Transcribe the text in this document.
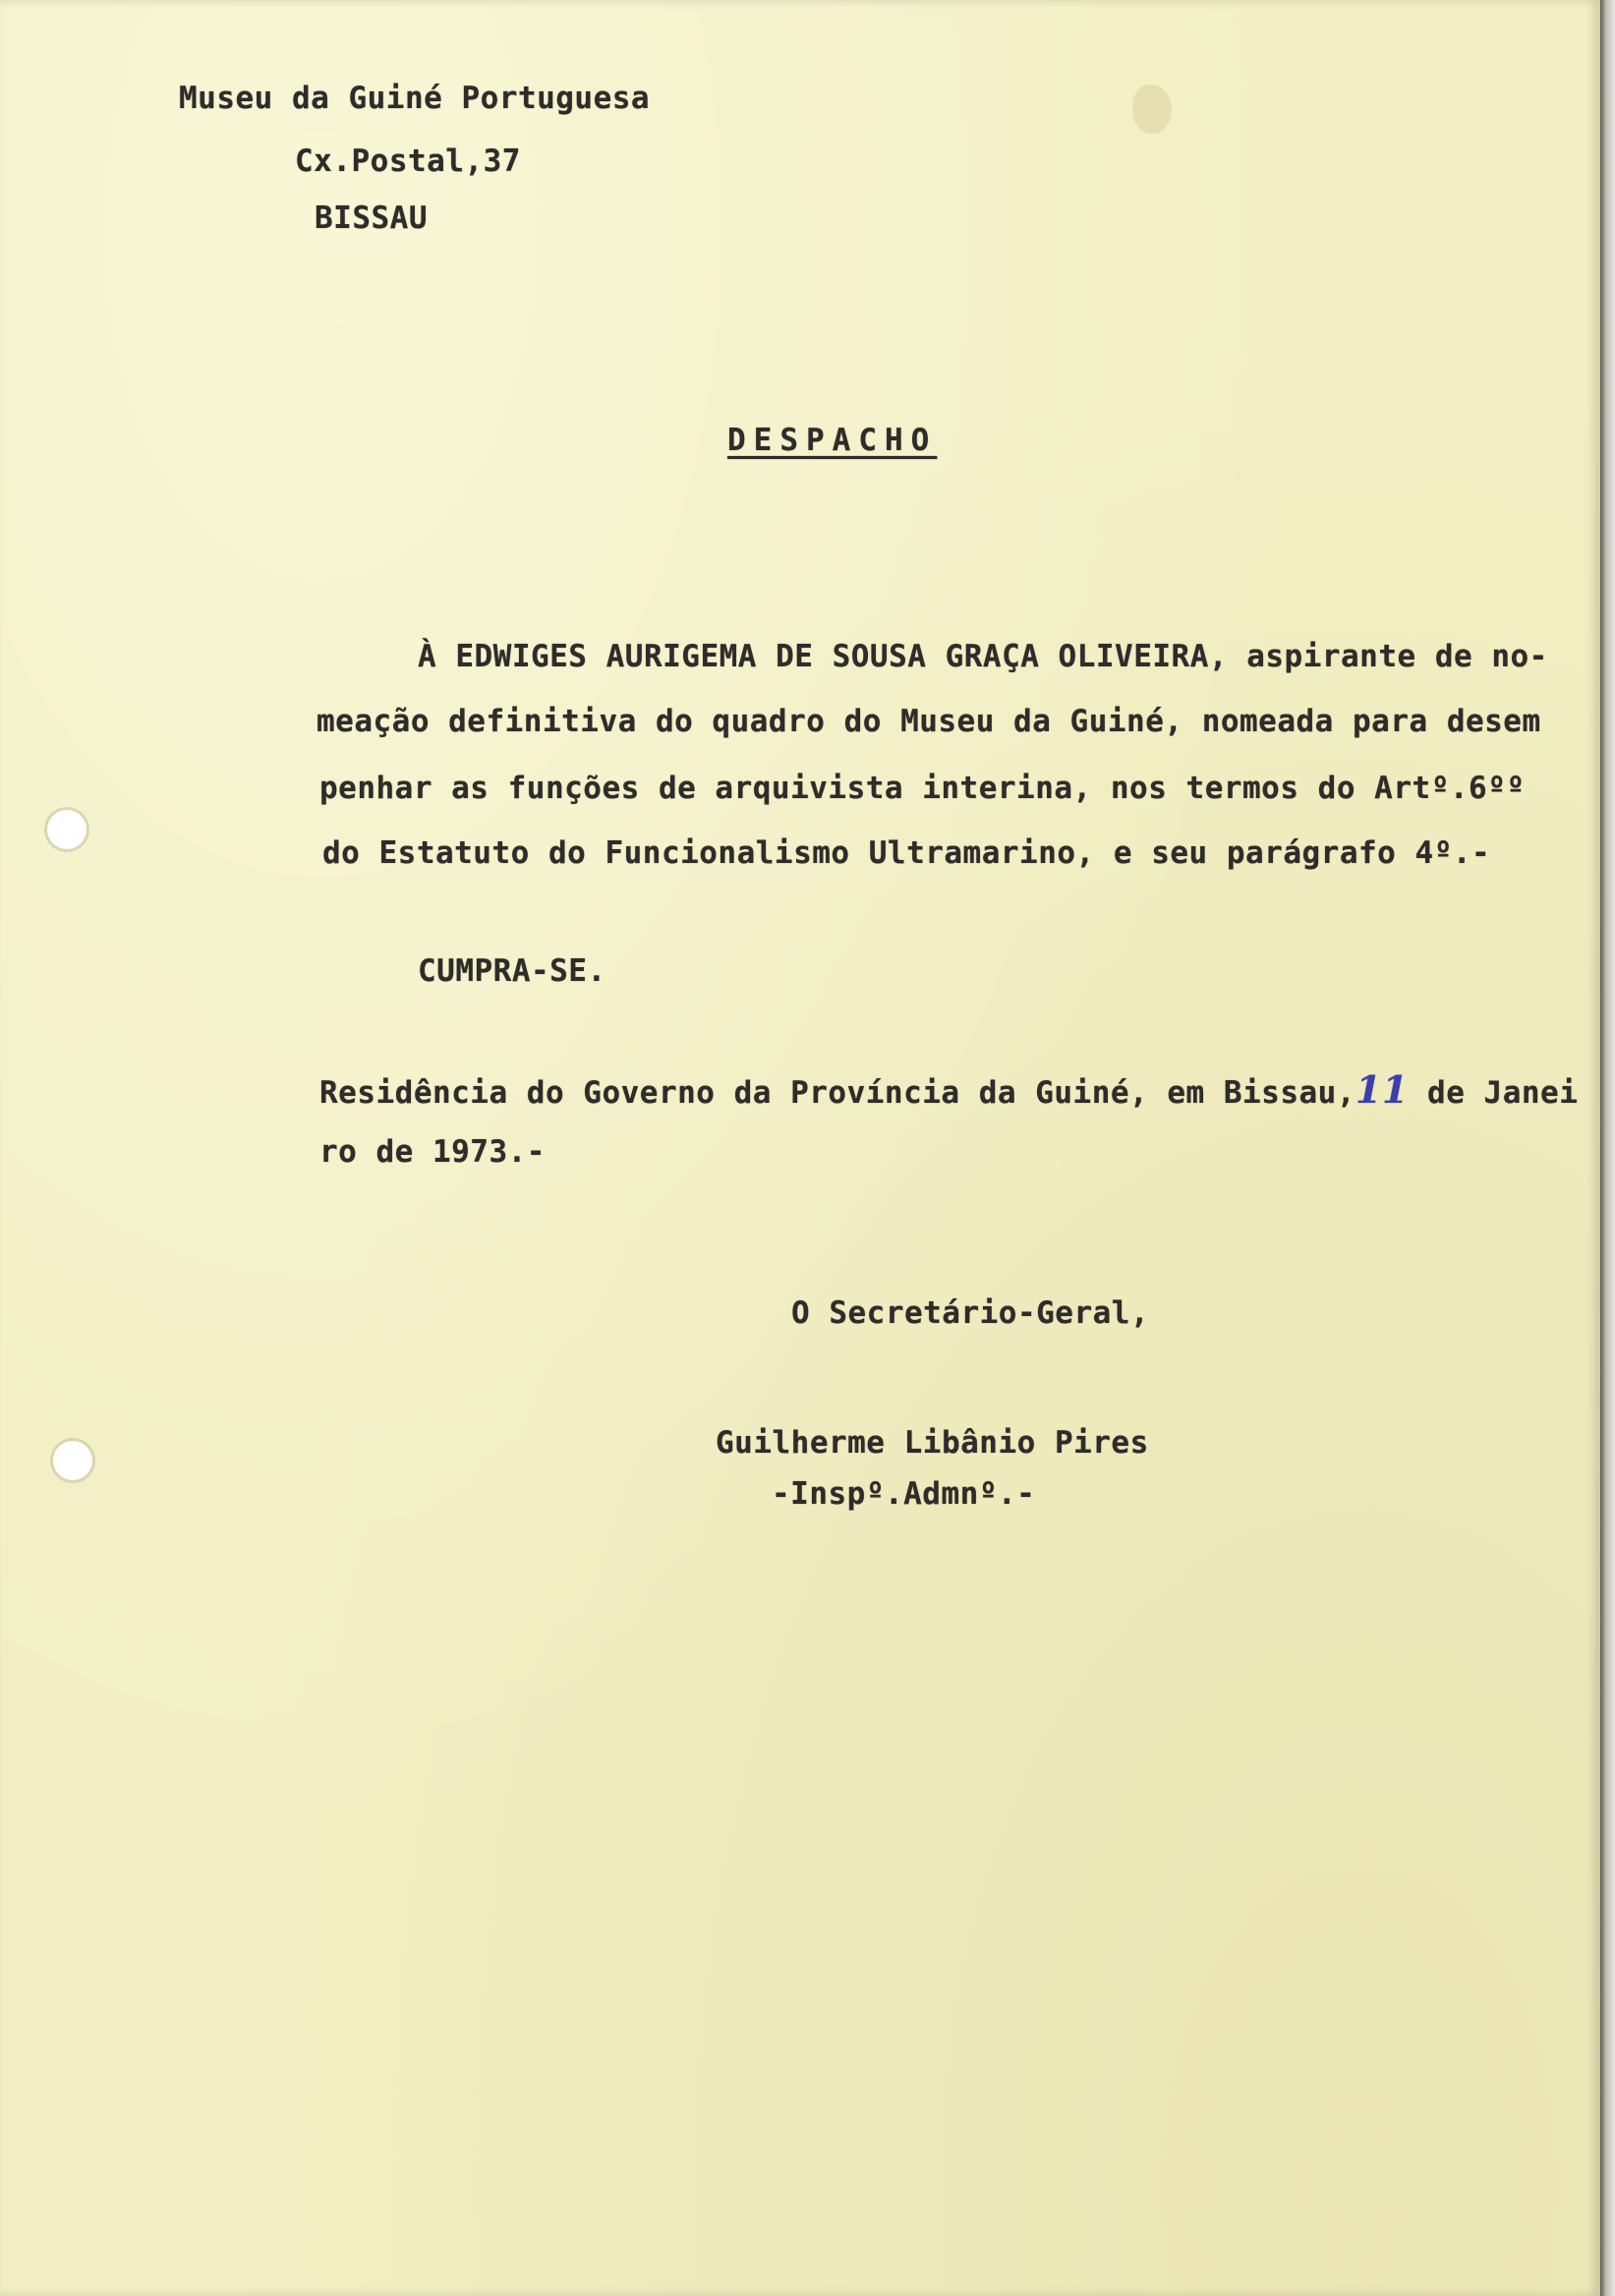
Museu da Guiné Portuguesa
Cx.Postal,37
BISSAU
DESPACHO
À EDWIGES AURIGEMA DE SOUSA GRAÇA OLIVEIRA, aspirante de no-
meação definitiva do quadro do Museu da Guiné, nomeada para desem
penhar as funções de arquivista interina, nos termos do Artº.6ºº
do Estatuto do Funcionalismo Ultramarino, e seu parágrafo 4º.-
CUMPRA-SE.
Residência do Governo da Província da Guiné, em Bissau,11 de Janei
ro de 1973.-
O Secretário-Geral,
Guilherme Libânio Pires
-Inspº.Admnº.-
